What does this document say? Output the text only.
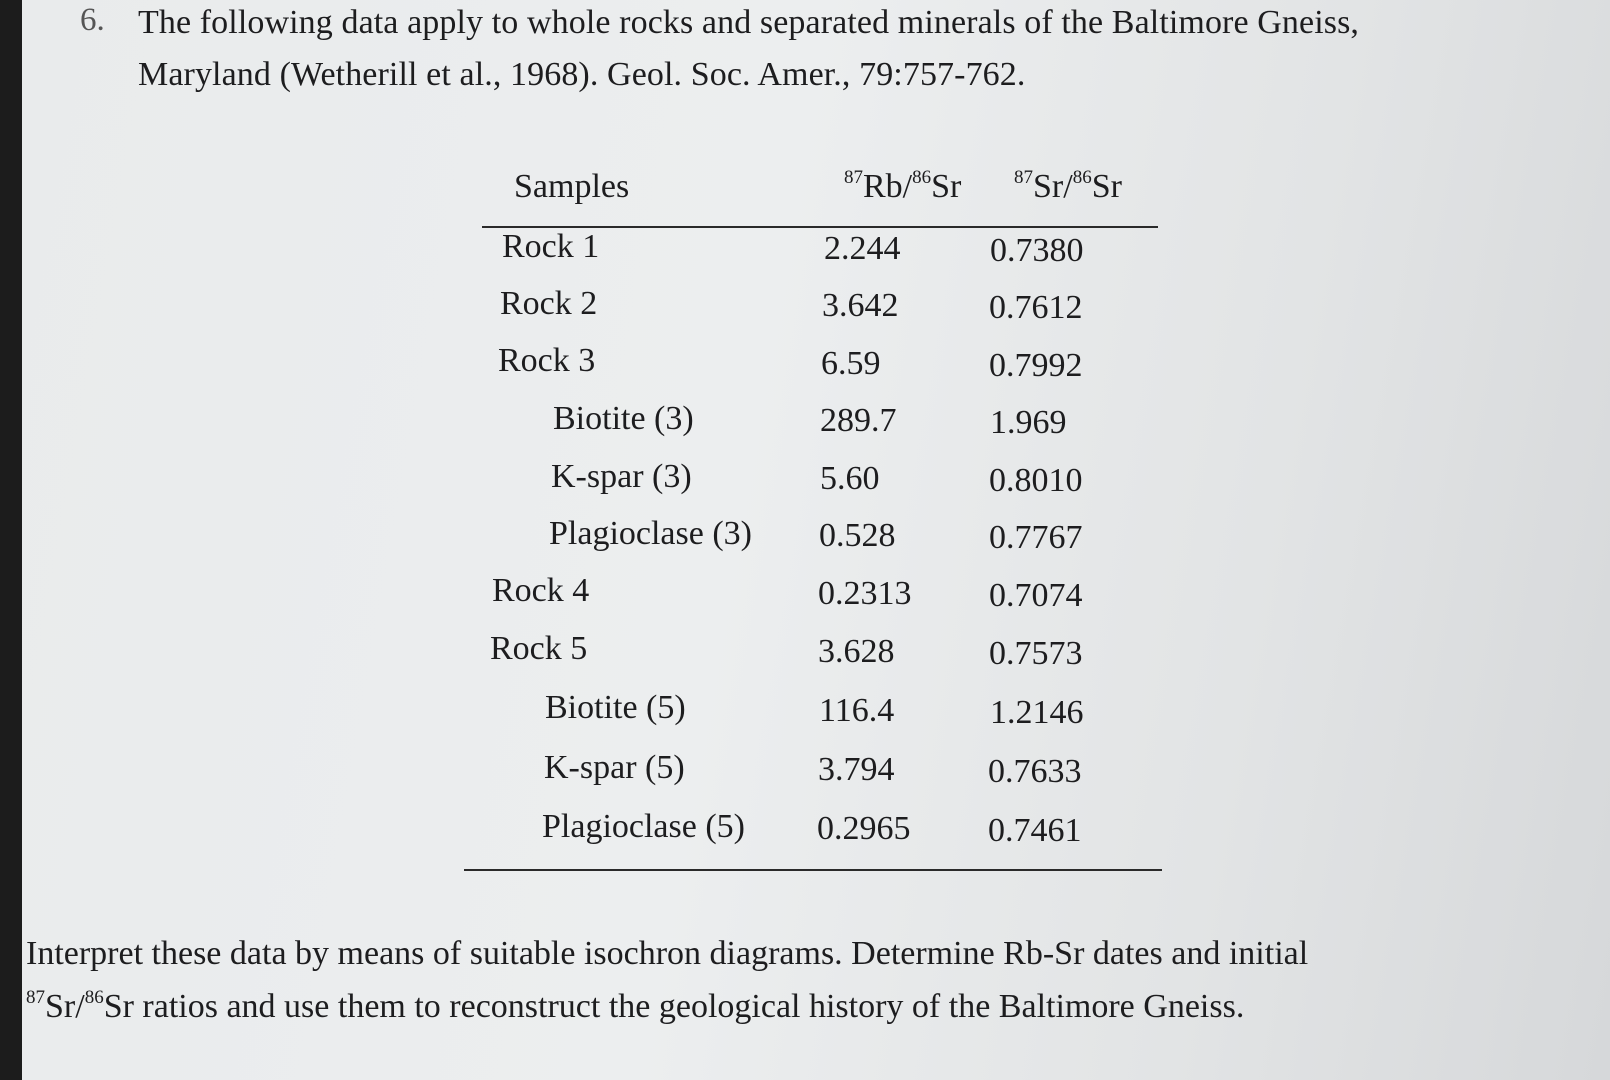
6. The following data apply to whole rocks and separated minerals of the Baltimore Gneiss,
Maryland (Wetherill et al., 1968). Geol. Soc. Amer., 79:757-762.
Samples	$^{87}$Rb/$^{86}$Sr	$^{87}$Sr/$^{86}$Sr
Rock 1	2.244	0.7380
Rock 2	3.642	0.7612
Rock 3	6.59	0.7992
Biotite (3)	289.7	1.969
K-spar (3)	5.60	0.8010
Plagioclase (3) 0.528	0.7767
Rock 4	0.2313 0.7074
Rock 5	3.628	0.7573
Biotite (5)	116.4	1.2146
K-spar (5)	3.794	0.7633
Plagioclase (5) 0.2965 0.7461
Interpret these data by means of suitable isochron diagrams. Determine Rb-Sr dates and initial
$^{87}$Sr/$^{86}$Sr ratios and use them to reconstruct the geological history of the Baltimore Gneiss.
